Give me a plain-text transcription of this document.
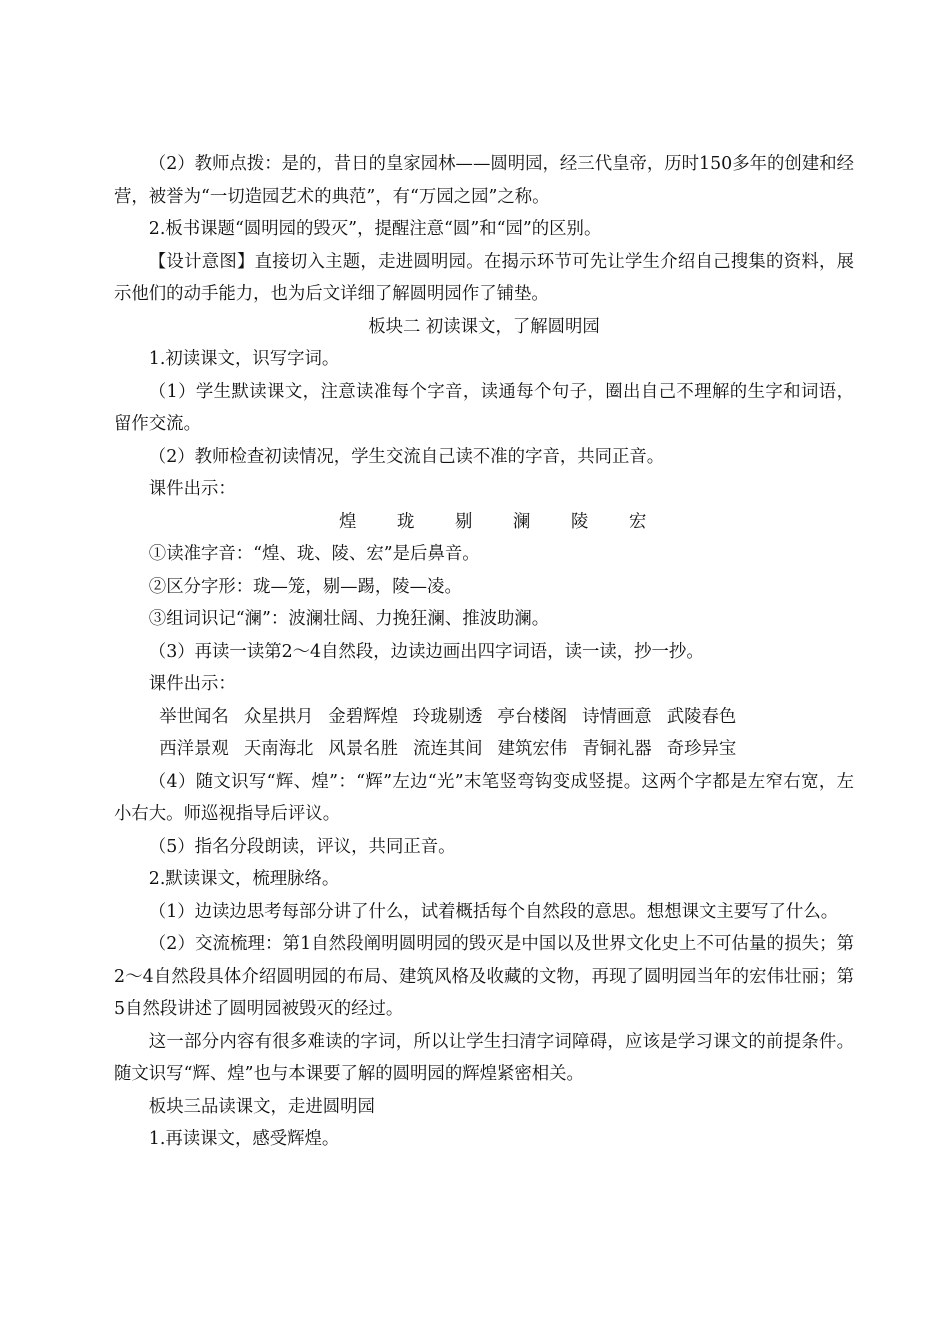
（2）教师点拨：是的，昔日的皇家园林——圆明园，经三代皇帝，历时150多年的创建和经营，被誉为“一切造园艺术的典范”，有“万园之园”之称。

2.板书课题“圆明园的毁灭”，提醒注意“圆”和“园”的区别。

【设计意图】直接切入主题，走进圆明园。在揭示环节可先让学生介绍自己搜集的资料，展示他们的动手能力，也为后文详细了解圆明园作了铺垫。

板块二 初读课文，了解圆明园

1.初读课文，识写字词。

（1）学生默读课文，注意读准每个字音，读通每个句子，圈出自己不理解的生字和词语，留作交流。

（2）教师检查初读情况，学生交流自己读不准的字音，共同正音。

课件出示：

煌 珑 剔 澜 陵 宏

①读准字音：“煌、珑、陵、宏”是后鼻音。

②区分字形：珑—笼，剔—踢，陵—凌。

③组词识记“澜”：波澜壮阔、力挽狂澜、推波助澜。

（3）再读一读第2～4自然段，边读边画出四字词语，读一读，抄一抄。

课件出示：

举世闻名 众星拱月 金碧辉煌 玲珑剔透 亭台楼阁 诗情画意 武陵春色

西洋景观 天南海北 风景名胜 流连其间 建筑宏伟 青铜礼器 奇珍异宝

（4）随文识写“辉、煌”：“辉”左边“光”末笔竖弯钩变成竖提。这两个字都是左窄右宽，左小右大。师巡视指导后评议。

（5）指名分段朗读，评议，共同正音。

2.默读课文，梳理脉络。

（1）边读边思考每部分讲了什么，试着概括每个自然段的意思。想想课文主要写了什么。

（2）交流梳理：第1自然段阐明圆明园的毁灭是中国以及世界文化史上不可估量的损失；第2～4自然段具体介绍圆明园的布局、建筑风格及收藏的文物，再现了圆明园当年的宏伟壮丽；第5自然段讲述了圆明园被毁灭的经过。

这一部分内容有很多难读的字词，所以让学生扫清字词障碍，应该是学习课文的前提条件。随文识写“辉、煌”也与本课要了解的圆明园的辉煌紧密相关。

板块三品读课文，走进圆明园

1.再读课文，感受辉煌。
